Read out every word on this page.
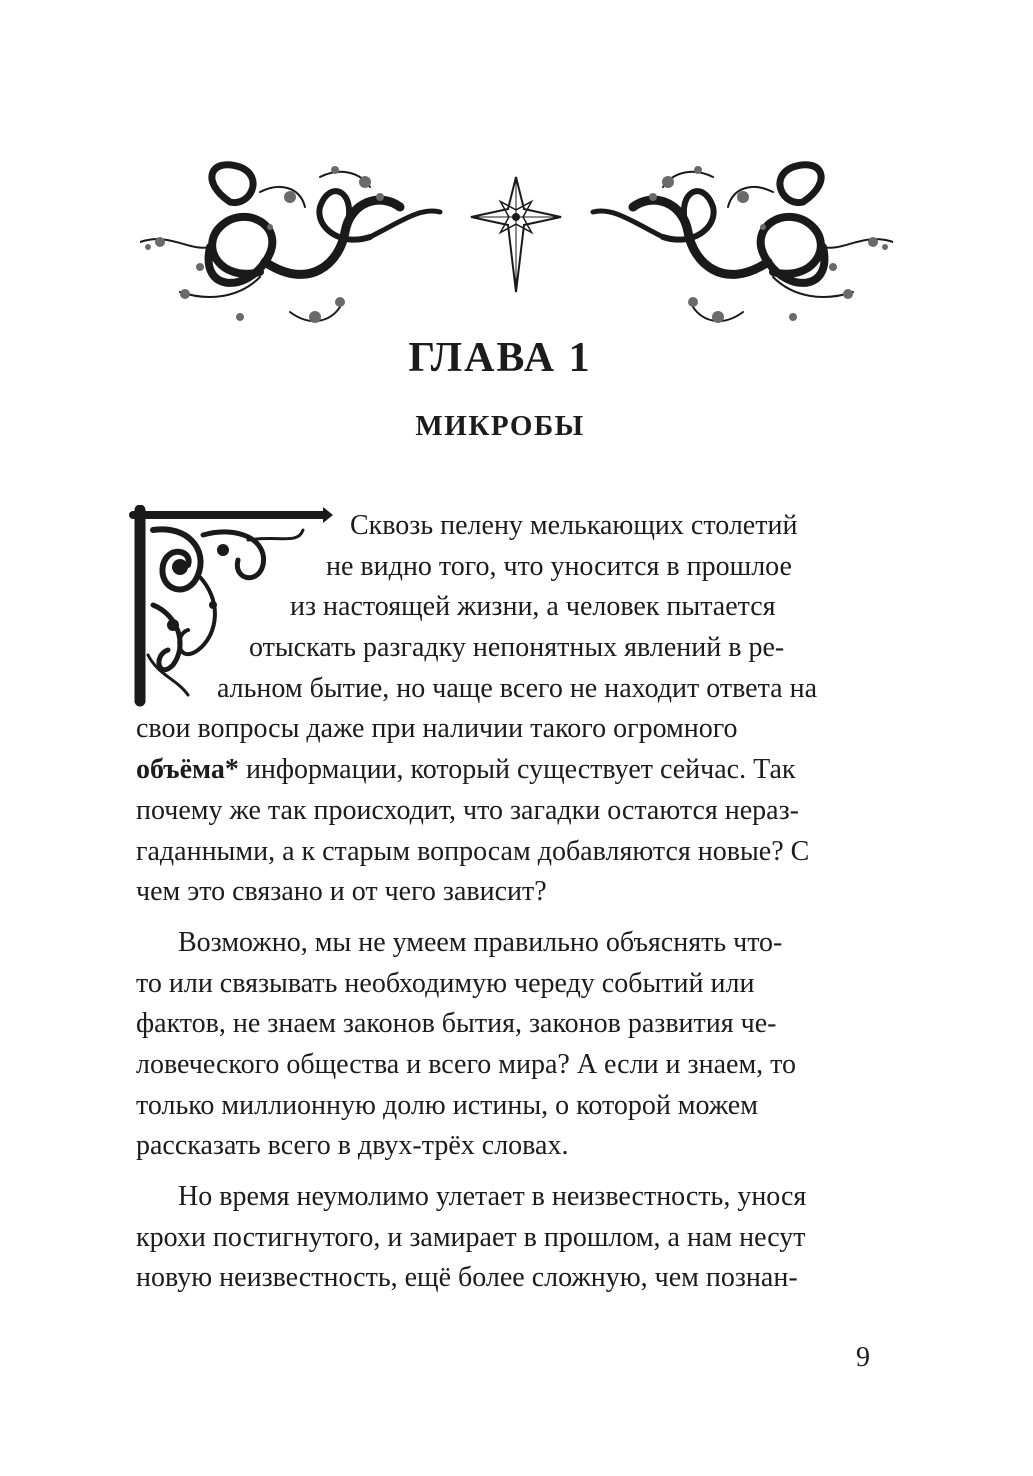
ГЛАВА 1
МИКРОБЫ
Сквозь пелену мелькающих столетий
не видно того, что уносится в прошлое
из настоящей жизни, а человек пытается
отыскать разгадку непонятных явлений в ре-
альном бытие, но чаще всего не находит ответа на
свои вопросы даже при наличии такого огромного
объёма* информации, который существует сейчас. Так
почему же так происходит, что загадки остаются нераз-
гаданными, а к старым вопросам добавляются новые? С
чем это связано и от чего зависит?
Возможно, мы не умеем правильно объяснять что-
то или связывать необходимую череду событий или
фактов, не знаем законов бытия, законов развития че-
ловеческого общества и всего мира? А если и знаем, то
только миллионную долю истины, о которой можем
рассказать всего в двух-трёх словах.
Но время неумолимо улетает в неизвестность, унося
крохи постигнутого, и замирает в прошлом, а нам несут
новую неизвестность, ещё более сложную, чем познан-
9
